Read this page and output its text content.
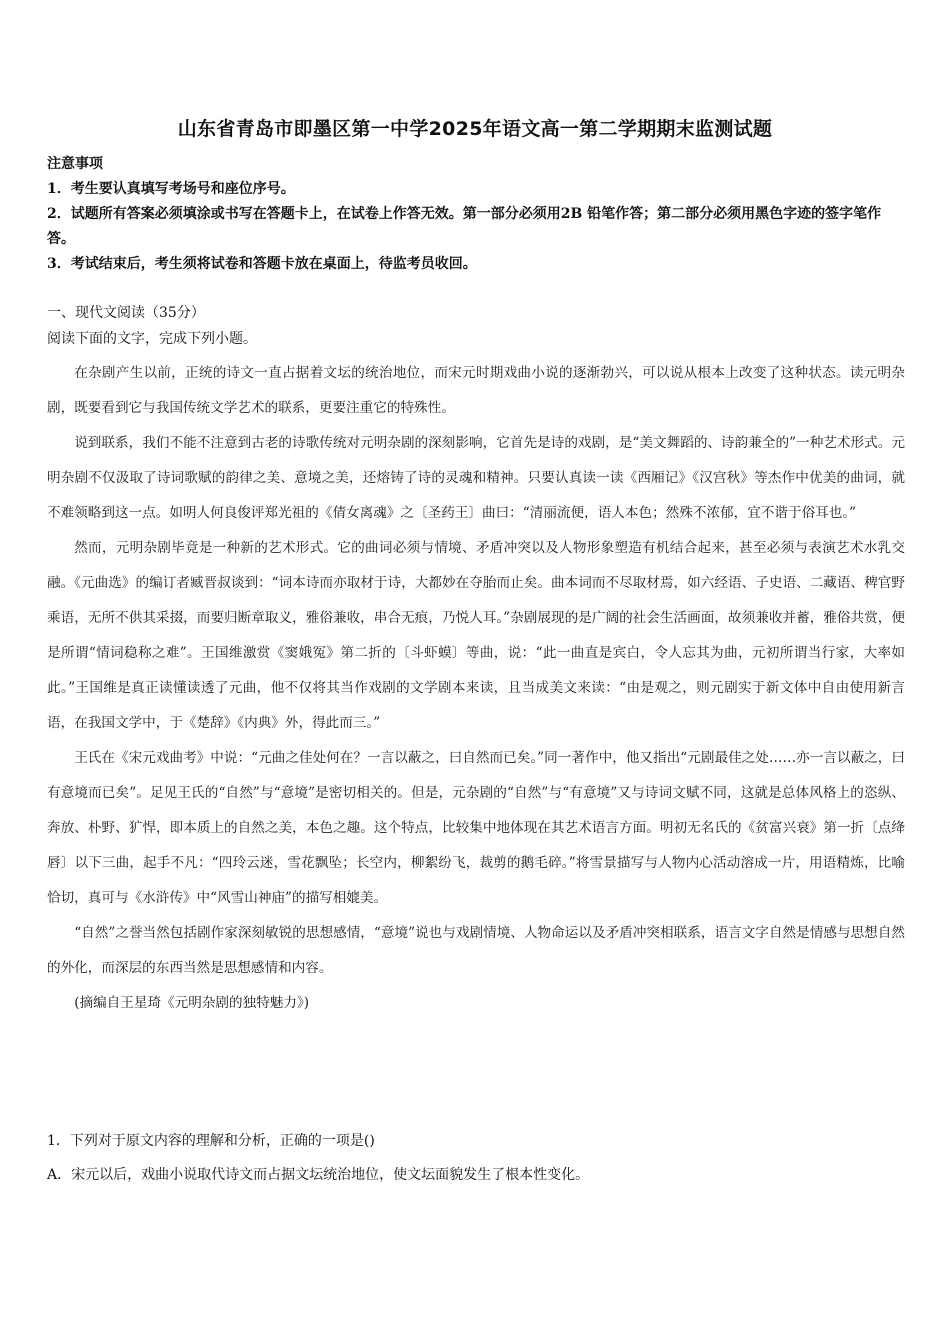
山东省青岛市即墨区第一中学2025年语文高一第二学期期末监测试题
注意事项
1．考生要认真填写考场号和座位序号。
2．试题所有答案必须填涂或书写在答题卡上，在试卷上作答无效。第一部分必须用2B 铅笔作答；第二部分必须用黑色字迹的签字笔作答。
3．考试结束后，考生须将试卷和答题卡放在桌面上，待监考员收回。
一、现代文阅读（35分）
阅读下面的文字，完成下列小题。

在杂剧产生以前，正统的诗文一直占据着文坛的统治地位，而宋元时期戏曲小说的逐渐勃兴，可以说从根本上改变了这种状态。读元明杂剧，既要看到它与我国传统文学艺术的联系，更要注重它的特殊性。

说到联系，我们不能不注意到古老的诗歌传统对元明杂剧的深刻影响，它首先是诗的戏剧，是“美文舞蹈的、诗韵兼全的”一种艺术形式。元明杂剧不仅汲取了诗词歌赋的韵律之美、意境之美，还熔铸了诗的灵魂和精神。只要认真读一读《西厢记》《汉宫秋》等杰作中优美的曲词，就不难领略到这一点。如明人何良俊评郑光祖的《倩女离魂》之〔圣药王〕曲曰：“清丽流便，语人本色；然殊不浓郁，宜不谐于俗耳也。”

然而，元明杂剧毕竟是一种新的艺术形式。它的曲词必须与情境、矛盾冲突以及人物形象塑造有机结合起来，甚至必须与表演艺术水乳交融。《元曲选》的编订者臧晋叔谈到：“词本诗而亦取材于诗，大都妙在夺胎而止矣。曲本词而不尽取材焉，如六经语、子史语、二藏语、稗官野乘语，无所不供其采掇，而要归断章取义，雅俗兼收，串合无痕，乃悦人耳。”杂剧展现的是广阔的社会生活画面，故须兼收并蓄，雅俗共赏，便是所谓“情词稳称之难”。王国维激赏《窦娥冤》第二折的〔斗虾蟆〕等曲，说：“此一曲直是宾白，令人忘其为曲，元初所谓当行家，大率如此。”王国维是真正读懂读透了元曲，他不仅将其当作戏剧的文学剧本来读，且当成美文来读：“由是观之，则元剧实于新文体中自由使用新言语，在我国文学中，于《楚辞》《内典》外，得此而三。”

王氏在《宋元戏曲考》中说：“元曲之佳处何在？一言以蔽之，曰自然而已矣。”同一著作中，他又指出“元剧最佳之处……亦一言以蔽之，曰有意境而已矣”。足见王氏的“自然”与“意境”是密切相关的。但是，元杂剧的“自然”与“有意境”又与诗词文赋不同，这就是总体风格上的恣纵、奔放、朴野、犷悍，即本质上的自然之美，本色之趣。这个特点，比较集中地体现在其艺术语言方面。明初无名氏的《贫富兴衰》第一折〔点绛唇〕以下三曲，起手不凡：“四玲云迷，雪花飘坠；长空内，柳絮纷飞，裁剪的鹅毛碎。”将雪景描写与人物内心活动溶成一片，用语精炼，比喻恰切，真可与《水浒传》中“风雪山神庙”的描写相媲美。

“自然”之誉当然包括剧作家深刻敏锐的思想感情，“意境”说也与戏剧情境、人物命运以及矛盾冲突相联系，语言文字自然是情感与思想自然的外化，而深层的东西当然是思想感情和内容。

(摘编自王星琦《元明杂剧的独特魅力》)

1．下列对于原文内容的理解和分析，正确的一项是()
A．宋元以后，戏曲小说取代诗文而占据文坛统治地位，使文坛面貌发生了根本性变化。
